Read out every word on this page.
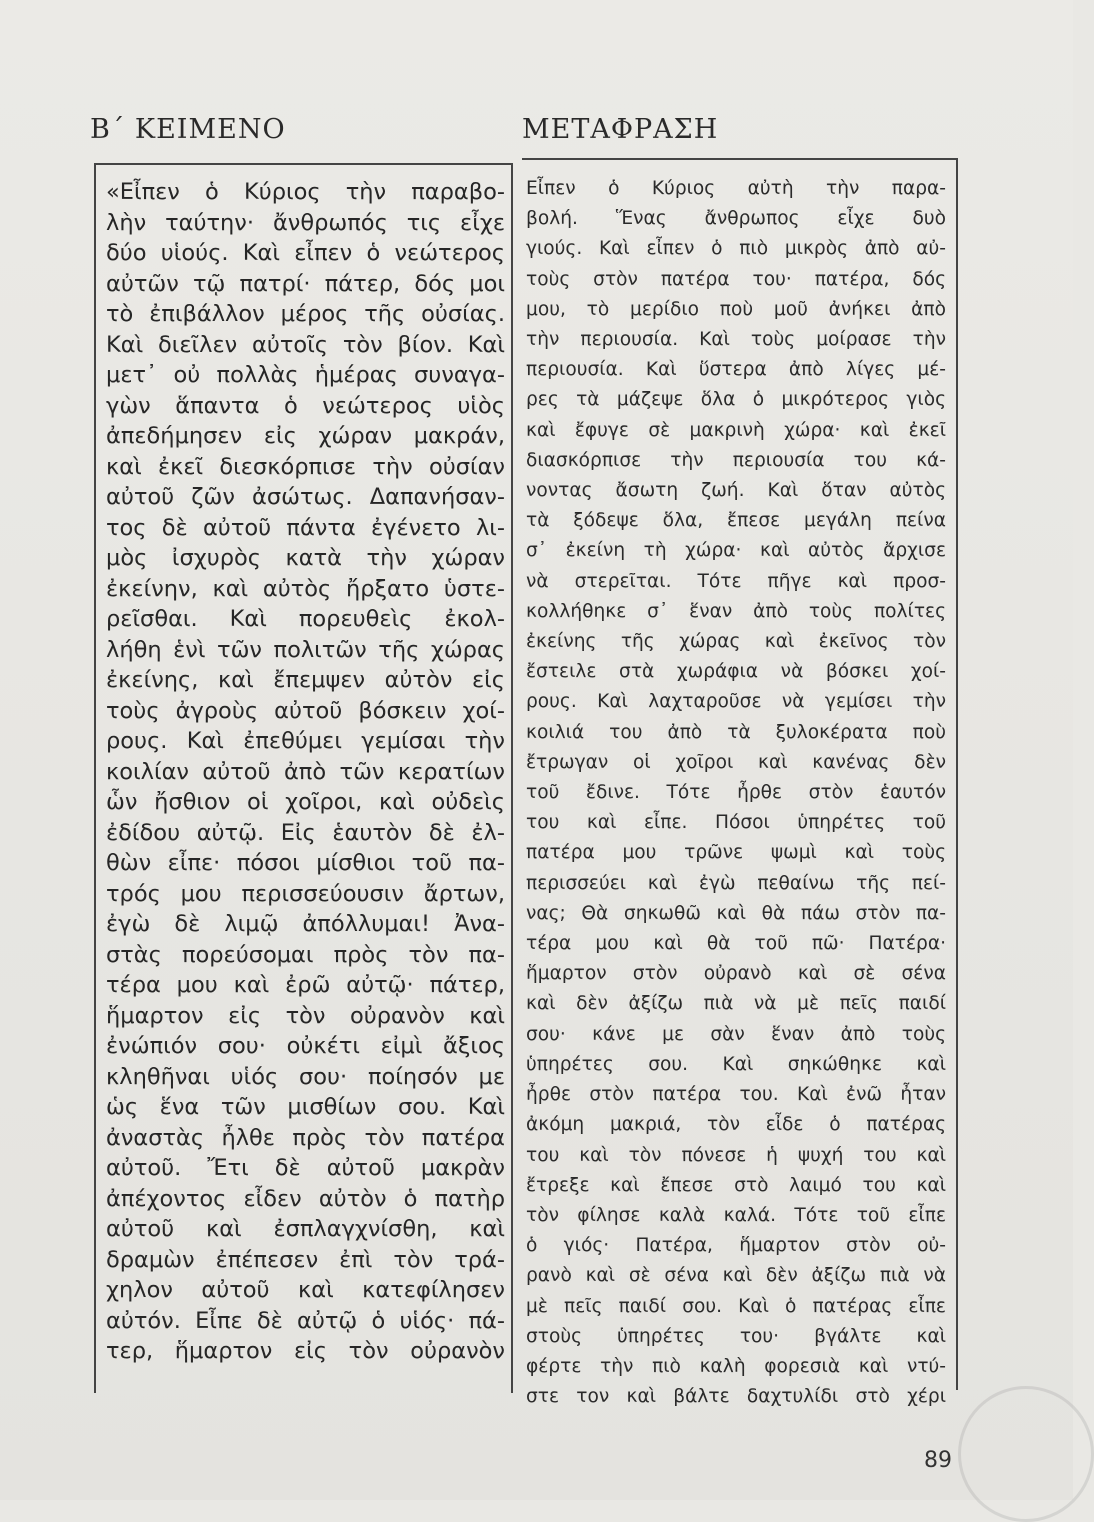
Β΄ ΚΕΙΜΕΝΟ	ΜΕΤΑΦΡΑΣΗ

«Εἶπεν ὁ Κύριος τὴν παραβο-

λὴν ταύτην· ἄνθρωπός τις εἶχε

δύο υἱούς. Καὶ εἶπεν ὁ νεώτερος

αὐτῶν τῷ πατρί· πάτερ, δός μοι

τὸ ἐπιβάλλον μέρος τῆς οὐσίας.

Καὶ διεῖλεν αὐτοῖς τὸν βίον. Καὶ

μετ᾽ οὐ πολλὰς ἡμέρας συναγα-

γὼν ἅπαντα ὁ νεώτερος υἱὸς

ἀπεδήμησεν εἰς χώραν μακράν,

καὶ ἐκεῖ διεσκόρπισε τὴν οὐσίαν

αὐτοῦ ζῶν ἀσώτως. Δαπανήσαν-

τος δὲ αὐτοῦ πάντα ἐγένετο λι-

μὸς ἰσχυρὸς κατὰ τὴν χώραν

ἐκείνην, καὶ αὐτὸς ἤρξατο ὑστε-

ρεῖσθαι. Καὶ πορευθεὶς ἐκολ-

λήθη ἑνὶ τῶν πολιτῶν τῆς χώρας

ἐκείνης, καὶ ἔπεμψεν αὐτὸν εἰς

τοὺς ἀγροὺς αὐτοῦ βόσκειν χοί-

ρους. Καὶ ἐπεθύμει γεμίσαι τὴν

κοιλίαν αὐτοῦ ἀπὸ τῶν κερατίων

ὧν ἤσθιον οἱ χοῖροι, καὶ οὐδεὶς

ἐδίδου αὐτῷ. Εἰς ἑαυτὸν δὲ ἐλ-

θὼν εἶπε· πόσοι μίσθιοι τοῦ πα-

τρός μου περισσεύουσιν ἄρτων,

ἐγὼ δὲ λιμῷ ἀπόλλυμαι! Ἀνα-

στὰς πορεύσομαι πρὸς τὸν πα-

τέρα μου καὶ ἐρῶ αὐτῷ· πάτερ,

ἥμαρτον εἰς τὸν οὐρανὸν καὶ

ἐνώπιόν σου· οὐκέτι εἰμὶ ἄξιος

κληθῆναι υἱός σου· ποίησόν με

ὡς ἕνα τῶν μισθίων σου. Καὶ

ἀναστὰς ἦλθε πρὸς τὸν πατέρα

αὐτοῦ. Ἔτι δὲ αὐτοῦ μακρὰν

ἀπέχοντος εἶδεν αὐτὸν ὁ πατὴρ

αὐτοῦ καὶ ἐσπλαγχνίσθη, καὶ

δραμὼν ἐπέπεσεν ἐπὶ τὸν τρά-

χηλον αὐτοῦ καὶ κατεφίλησεν

αὐτόν. Εἶπε δὲ αὐτῷ ὁ υἱός· πά-

τερ, ἥμαρτον εἰς τὸν οὐρανὸν

Εἶπεν ὁ Κύριος αὐτὴ τὴν παρα-

βολή. Ἕνας ἄνθρωπος εἶχε δυὸ

γιούς. Καὶ εἶπεν ὁ πιὸ μικρὸς ἀπὸ αὐ-

τοὺς στὸν πατέρα του· πατέρα, δός

μου, τὸ μερίδιο ποὺ μοῦ ἀνήκει ἀπὸ

τὴν περιουσία. Καὶ τοὺς μοίρασε τὴν

περιουσία. Καὶ ὕστερα ἀπὸ λίγες μέ-

ρες τὰ μάζεψε ὅλα ὁ μικρότερος γιὸς

καὶ ἔφυγε σὲ μακρινὴ χώρα· καὶ ἐκεῖ

διασκόρπισε τὴν περιουσία του κά-

νοντας ἄσωτη ζωή. Καὶ ὅταν αὐτὸς

τὰ ξόδεψε ὅλα, ἔπεσε μεγάλη πείνα

σ᾽ ἐκείνη τὴ χώρα· καὶ αὐτὸς ἄρχισε

νὰ στερεῖται. Τότε πῆγε καὶ προσ-

κολλήθηκε σ᾽ ἕναν ἀπὸ τοὺς πολίτες

ἐκείνης τῆς χώρας καὶ ἐκεῖνος τὸν

ἔστειλε στὰ χωράφια νὰ βόσκει χοί-

ρους. Καὶ λαχταροῦσε νὰ γεμίσει τὴν

κοιλιά του ἀπὸ τὰ ξυλοκέρατα ποὺ

ἔτρωγαν οἱ χοῖροι καὶ κανένας δὲν

τοῦ ἔδινε. Τότε ἦρθε στὸν ἑαυτόν

του καὶ εἶπε. Πόσοι ὑπηρέτες τοῦ

πατέρα μου τρῶνε ψωμὶ καὶ τοὺς

περισσεύει καὶ ἐγὼ πεθαίνω τῆς πεί-

νας; Θὰ σηκωθῶ καὶ θὰ πάω στὸν πα-

τέρα μου καὶ θὰ τοῦ πῶ· Πατέρα·

ἥμαρτον στὸν οὐρανὸ καὶ σὲ σένα

καὶ δὲν ἀξίζω πιὰ νὰ μὲ πεῖς παιδί

σου· κάνε με σὰν ἕναν ἀπὸ τοὺς

ὑπηρέτες σου. Καὶ σηκώθηκε καὶ

ἦρθε στὸν πατέρα του. Καὶ ἐνῶ ἦταν

ἀκόμη μακριά, τὸν εἶδε ὁ πατέρας

του καὶ τὸν πόνεσε ἡ ψυχή του καὶ

ἔτρεξε καὶ ἔπεσε στὸ λαιμό του καὶ

τὸν φίλησε καλὰ καλά. Τότε τοῦ εἶπε

ὁ γιός· Πατέρα, ἥμαρτον στὸν οὐ-

ρανὸ καὶ σὲ σένα καὶ δὲν ἀξίζω πιὰ νὰ

μὲ πεῖς παιδί σου. Καὶ ὁ πατέρας εἶπε

στοὺς ὑπηρέτες του· βγάλτε καὶ

φέρτε τὴν πιὸ καλὴ φορεσιὰ καὶ ντύ-

στε τον καὶ βάλτε δαχτυλίδι στὸ χέρι

89
